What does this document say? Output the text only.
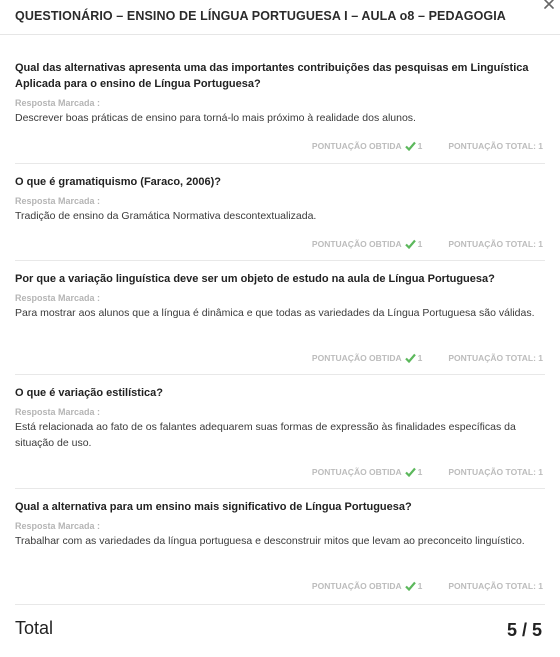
QUESTIONÁRIO – ENSINO DE LÍNGUA PORTUGUESA I – AULA o8 – PEDAGOGIA
Qual das alternativas apresenta uma das importantes contribuições das pesquisas em Linguística Aplicada para o ensino de Língua Portuguesa?
Resposta Marcada :
Descrever boas práticas de ensino para torná-lo mais próximo à realidade dos alunos.
PONTUAÇÃO OBTIDA 1	PONTUAÇÃO TOTAL: 1
O que é gramatiquismo (Faraco, 2006)?
Resposta Marcada :
Tradição de ensino da Gramática Normativa descontextualizada.
PONTUAÇÃO OBTIDA 1	PONTUAÇÃO TOTAL: 1
Por que a variação linguística deve ser um objeto de estudo na aula de Língua Portuguesa?
Resposta Marcada :
Para mostrar aos alunos que a língua é dinâmica e que todas as variedades da Língua Portuguesa são válidas.
PONTUAÇÃO OBTIDA 1	PONTUAÇÃO TOTAL: 1
O que é variação estilística?
Resposta Marcada :
Está relacionada ao fato de os falantes adequarem suas formas de expressão às finalidades específicas da situação de uso.
PONTUAÇÃO OBTIDA 1	PONTUAÇÃO TOTAL: 1
Qual a alternativa para um ensino mais significativo de Língua Portuguesa?
Resposta Marcada :
Trabalhar com as variedades da língua portuguesa e desconstruir mitos que levam ao preconceito linguístico.
PONTUAÇÃO OBTIDA 1	PONTUAÇÃO TOTAL: 1
Total	5 / 5
